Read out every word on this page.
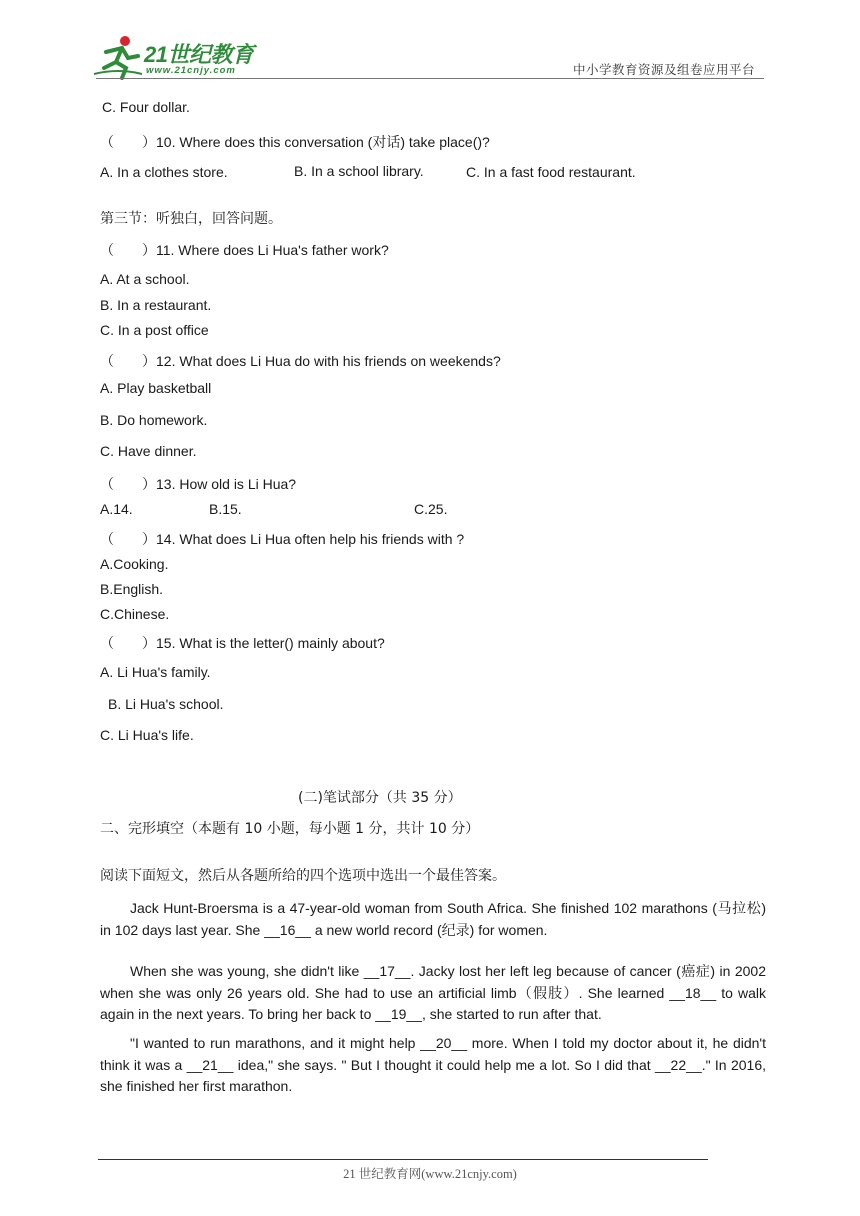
21世纪教育
www.21cnjy.com	中小学教育资源及组卷应用平台
C. Four dollar.
（　　）10. Where does this conversation (对话) take place()?
A. In a clothes store.	B. In a school library.	C. In a fast food restaurant.
第三节：听独白，回答问题。
（　　）11. Where does Li Hua's father work?
A. At a school.
B. In a restaurant.
C. In a post office
（　　）12. What does Li Hua do with his friends on weekends?
A. Play basketball
B. Do homework.
C. Have dinner.
（　　）13. How old is Li Hua?
A.14.	B.15.	C.25.
（　　）14. What does Li Hua often help his friends with ?
A.Cooking.
B.English.
C.Chinese.
（　　）15. What is the letter() mainly about?
A. Li Hua's family.
B. Li Hua's school.
C. Li Hua's life.
(二)笔试部分（共 35 分）
二、完形填空（本题有 10 小题，每小题 1 分，共计 10 分）
阅读下面短文，然后从各题所给的四个选项中选出一个最佳答案。
Jack Hunt-Broersma is a 47-year-old woman from South Africa. She finished 102 marathons (马拉松) in 102 days last year. She __16__ a new world record (纪录) for women.
When she was young, she didn't like __17__. Jacky lost her left leg because of cancer (癌症) in 2002 when she was only 26 years old. She had to use an artificial limb（假肢）. She learned __18__ to walk again in the next years. To bring her back to __19__, she started to run after that.
"I wanted to run marathons, and it might help __20__ more. When I told my doctor about it, he didn't think it was a __21__ idea," she says. " But I thought it could help me a lot. So I did that __22__." In 2016, she finished her first marathon.
21 世纪教育网(www.21cnjy.com)
